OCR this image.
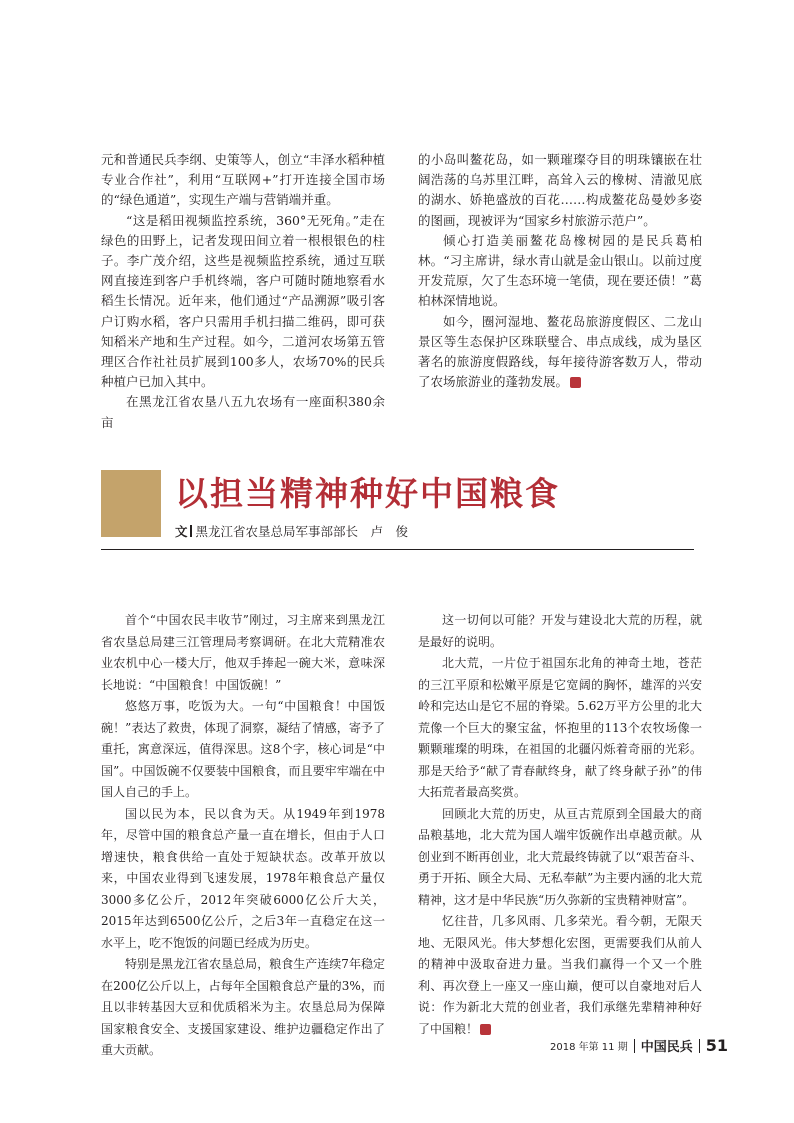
元和普通民兵李纲、史策等人，创立“丰泽水稻种植专业合作社”，利用“互联网+”打开连接全国市场的“绿色通道”，实现生产端与营销端并重。

“这是稻田视频监控系统，360°无死角。”走在绿色的田野上，记者发现田间立着一根根银色的柱子。李广茂介绍，这些是视频监控系统，通过互联网直接连到客户手机终端，客户可随时随地察看水稻生长情况。近年来，他们通过“产品溯源”吸引客户订购水稻，客户只需用手机扫描二维码，即可获知稻米产地和生产过程。如今，二道河农场第五管理区合作社社员扩展到100多人，农场70%的民兵种植户已加入其中。

在黑龙江省农垦八五九农场有一座面积380余亩

的小岛叫鳌花岛，如一颗璀璨夺目的明珠镶嵌在壮阔浩荡的乌苏里江畔，高耸入云的橡树、清澈见底的湖水、娇艳盛放的百花……构成鳌花岛曼妙多姿的图画，现被评为“国家乡村旅游示范户”。

倾心打造美丽鳌花岛橡树园的是民兵葛柏林。“习主席讲，绿水青山就是金山银山。以前过度开发荒原，欠了生态环境一笔债，现在要还债！”葛柏林深情地说。

如今，圈河湿地、鳌花岛旅游度假区、二龙山景区等生态保护区珠联璧合、串点成线，成为垦区著名的旅游度假路线，每年接待游客数万人，带动了农场旅游业的蓬勃发展。	中

以担当精神种好中国粮食
文 黑龙江省农垦总局军事部部长　卢　俊

首个“中国农民丰收节”刚过，习主席来到黑龙江省农垦总局建三江管理局考察调研。在北大荒精准农业农机中心一楼大厅，他双手捧起一碗大米，意味深长地说：“中国粮食！中国饭碗！”

悠悠万事，吃饭为大。一句“中国粮食！中国饭碗！”表达了救贵，体现了洞察，凝结了情感，寄予了重托，寓意深远，值得深思。这8个字，核心词是“中国”。中国饭碗不仅要装中国粮食，而且要牢牢端在中国人自己的手上。

国以民为本，民以食为天。从1949年到1978年，尽管中国的粮食总产量一直在增长，但由于人口增速快，粮食供给一直处于短缺状态。改革开放以来，中国农业得到飞速发展，1978年粮食总产量仅3000多亿公斤，2012年突破6000亿公斤大关，2015年达到6500亿公斤，之后3年一直稳定在这一水平上，吃不饱饭的问题已经成为历史。

特别是黑龙江省农垦总局，粮食生产连续7年稳定在200亿公斤以上，占每年全国粮食总产量的3%，而且以非转基因大豆和优质稻米为主。农垦总局为保障国家粮食安全、支援国家建设、维护边疆稳定作出了重大贡献。

这一切何以可能？开发与建设北大荒的历程，就是最好的说明。

北大荒，一片位于祖国东北角的神奇土地，苍茫的三江平原和松嫩平原是它宽阔的胸怀，雄浑的兴安岭和完达山是它不屈的脊梁。5.62万平方公里的北大荒像一个巨大的聚宝盆，怀抱里的113个农牧场像一颗颗璀璨的明珠，在祖国的北疆闪烁着奇丽的光彩。那是天给予“献了青春献终身，献了终身献子孙”的伟大拓荒者最高奖赏。

回顾北大荒的历史，从亘古荒原到全国最大的商品粮基地，北大荒为国人端牢饭碗作出卓越贡献。从创业到不断再创业，北大荒最终铸就了以“艰苦奋斗、勇于开拓、顾全大局、无私奉献”为主要内涵的北大荒精神，这才是中华民族“历久弥新的宝贵精神财富”。

忆往昔，几多风雨、几多荣光。看今朝，无限天地、无限风光。伟大梦想化宏图，更需要我们从前人的精神中汲取奋进力量。当我们赢得一个又一个胜利、再次登上一座又一座山巅，便可以自豪地对后人说：作为新北大荒的创业者，我们承继先辈精神种好了中国粮！	中

2018 年第 11 期 中国民兵 51
